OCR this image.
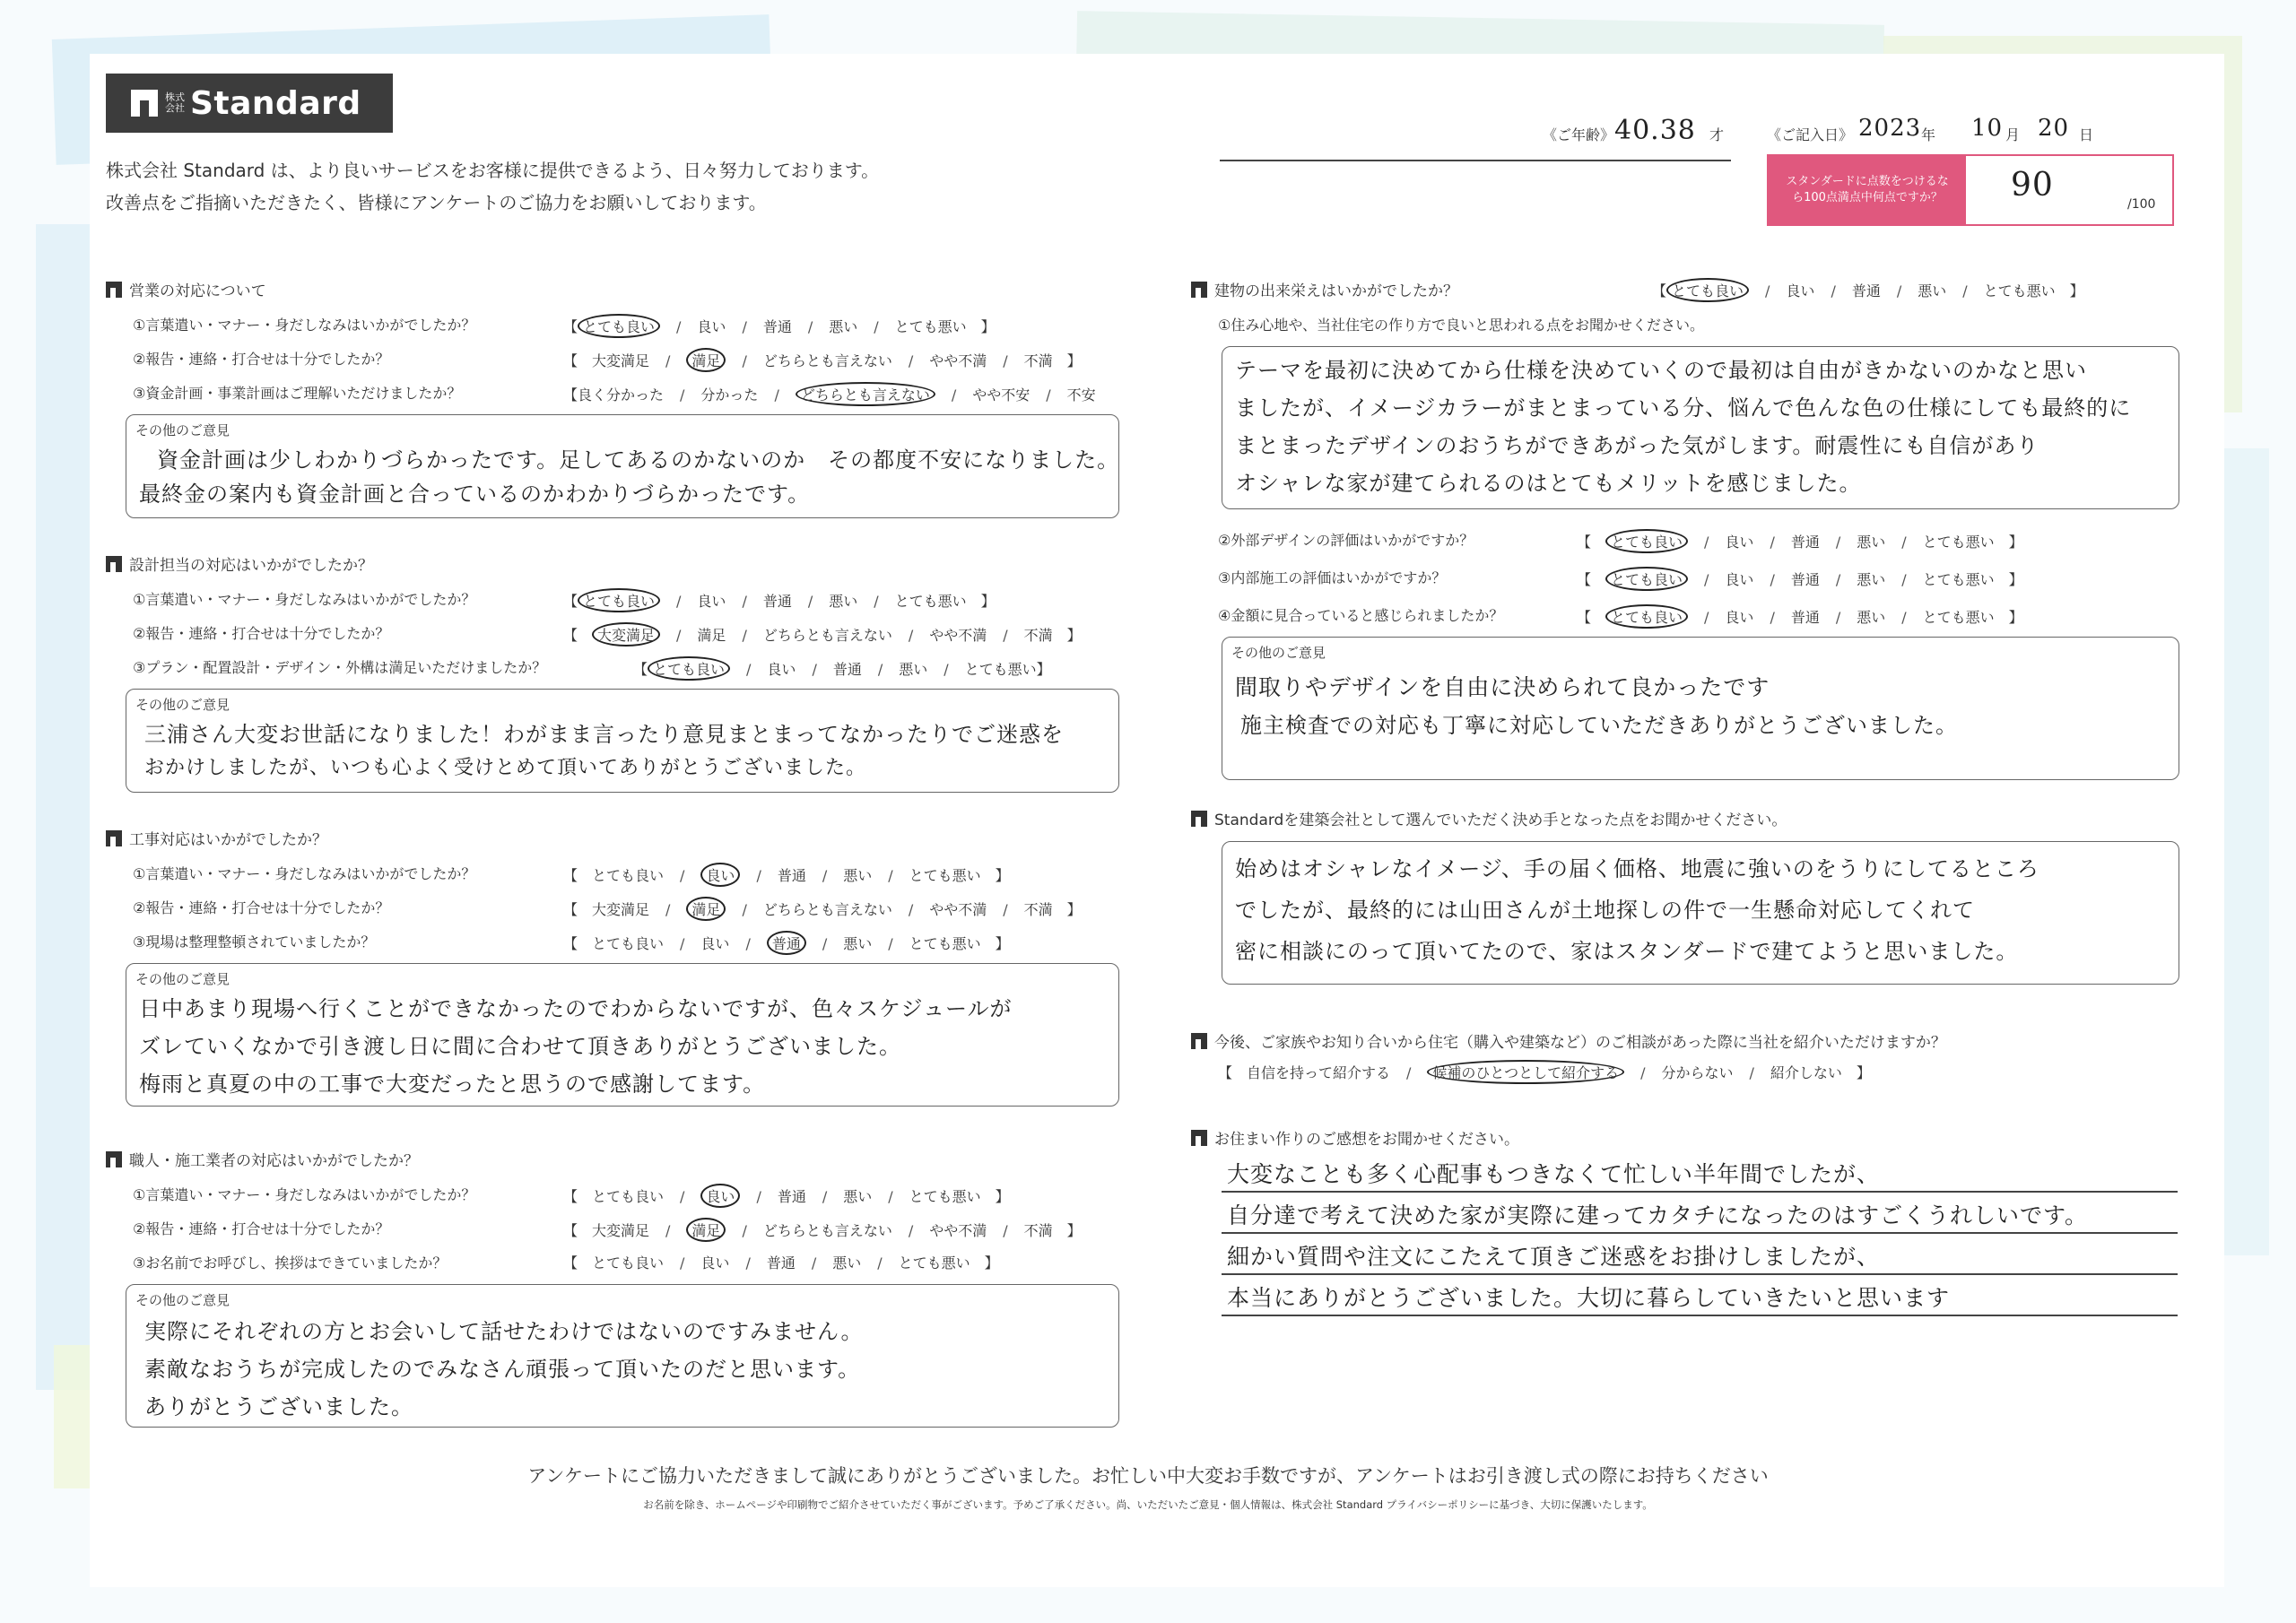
株式会社 Standard
株式会社 Standard は、より良いサービスをお客様に提供できるよう、日々努力しております。
改善点をご指摘いただきたく、皆様にアンケートのご協力をお願いしております。
《ご年齢》 40.38 才	《ご記入日》 2023 年 10 月 20 日
スタンダードに点数をつけるなら100点満点中何点ですか？	90
/100
営業の対応について
①言葉遣い・マナー・身だしなみはいかがでしたか？	【 とても良い / 良い / 普通 / 悪い / とても悪い　】
②報告・連絡・打合せは十分でしたか？	【　大変満足 / 満足 / どちらとも言えない / やや不満 / 不満　】
③資金計画・事業計画はご理解いただけましたか？	【良く分かった / 分かった / どちらとも言えない / やや不安 / 不安
その他のご意見
資金計画は少しわかりづらかったです。足してあるのかないのか　その都度不安になりました。
最終金の案内も資金計画と合っているのかわかりづらかったです。
設計担当の対応はいかがでしたか？
①言葉遣い・マナー・身だしなみはいかがでしたか？	【 とても良い / 良い / 普通 / 悪い / とても悪い　】
②報告・連絡・打合せは十分でしたか？	【　大変満足 / 満足 / どちらとも言えない / やや不満 / 不満　】
③プラン・配置設計・デザイン・外構は満足いただけましたか？	【 とても良い / 良い / 普通 / 悪い / とても悪い】
その他のご意見
三浦さん大変お世話になりました！わがまま言ったり意見まとまってなかったりでご迷惑を
おかけしましたが、いつも心よく受けとめて頂いてありがとうございました。
工事対応はいかがでしたか？
①言葉遣い・マナー・身だしなみはいかがでしたか？	【　とても良い / 良い / 普通 / 悪い / とても悪い　】
②報告・連絡・打合せは十分でしたか？	【　大変満足 / 満足 / どちらとも言えない / やや不満 / 不満　】
③現場は整理整頓されていましたか？	【　とても良い / 良い / 普通 / 悪い / とても悪い　】
その他のご意見
日中あまり現場へ行くことができなかったのでわからないですが、色々スケジュールが
ズレていくなかで引き渡し日に間に合わせて頂きありがとうございました。
梅雨と真夏の中の工事で大変だったと思うので感謝してます。
職人・施工業者の対応はいかがでしたか？
①言葉遣い・マナー・身だしなみはいかがでしたか？	【　とても良い / 良い / 普通 / 悪い / とても悪い　】
②報告・連絡・打合せは十分でしたか？	【　大変満足 / 満足 / どちらとも言えない / やや不満 / 不満　】
③お名前でお呼びし、挨拶はできていましたか？	【　とても良い / 良い / 普通 / 悪い / とても悪い　】
その他のご意見
実際にそれぞれの方とお会いして話せたわけではないのですみません。
素敵なおうちが完成したのでみなさん頑張って頂いたのだと思います。
ありがとうございました。
建物の出来栄えはいかがでしたか？	【 とても良い / 良い / 普通 / 悪い / とても悪い　】
①住み心地や、当社住宅の作り方で良いと思われる点をお聞かせください。
テーマを最初に決めてから仕様を決めていくので最初は自由がきかないのかなと思い
ましたが、イメージカラーがまとまっている分、悩んで色んな色の仕様にしても最終的に
まとまったデザインのおうちができあがった気がします。耐震性にも自信があり
オシャレな家が建てられるのはとてもメリットを感じました。
②外部デザインの評価はいかがですか？	【　とても良い / 良い / 普通 / 悪い / とても悪い　】
③内部施工の評価はいかがですか？	【　とても良い / 良い / 普通 / 悪い / とても悪い　】
④金額に見合っていると感じられましたか？	【　とても良い / 良い / 普通 / 悪い / とても悪い　】
その他のご意見
間取りやデザインを自由に決められて良かったです
施主検査での対応も丁寧に対応していただきありがとうございました。
Standardを建築会社として選んでいただく決め手となった点をお聞かせください。
始めはオシャレなイメージ、手の届く価格、地震に強いのをうりにしてるところ
でしたが、最終的には山田さんが土地探しの件で一生懸命対応してくれて
密に相談にのって頂いてたので、家はスタンダードで建てようと思いました。
今後、ご家族やお知り合いから住宅（購入や建築など）のご相談があった際に当社を紹介いただけますか？
【　自信を持って紹介する / 候補のひとつとして紹介する / 分からない / 紹介しない　】
お住まい作りのご感想をお聞かせください。
大変なことも多く心配事もつきなくて忙しい半年間でしたが、
自分達で考えて決めた家が実際に建ってカタチになったのはすごくうれしいです。
細かい質問や注文にこたえて頂きご迷惑をお掛けしましたが、
本当にありがとうございました。大切に暮らしていきたいと思います
アンケートにご協力いただきまして誠にありがとうございました。お忙しい中大変お手数ですが、アンケートはお引き渡し式の際にお持ちください
お名前を除き、ホームページや印刷物でご紹介させていただく事がございます。予めご了承ください。尚、いただいたご意見・個人情報は、株式会社 Standard プライバシーポリシーに基づき、大切に保護いたします。
